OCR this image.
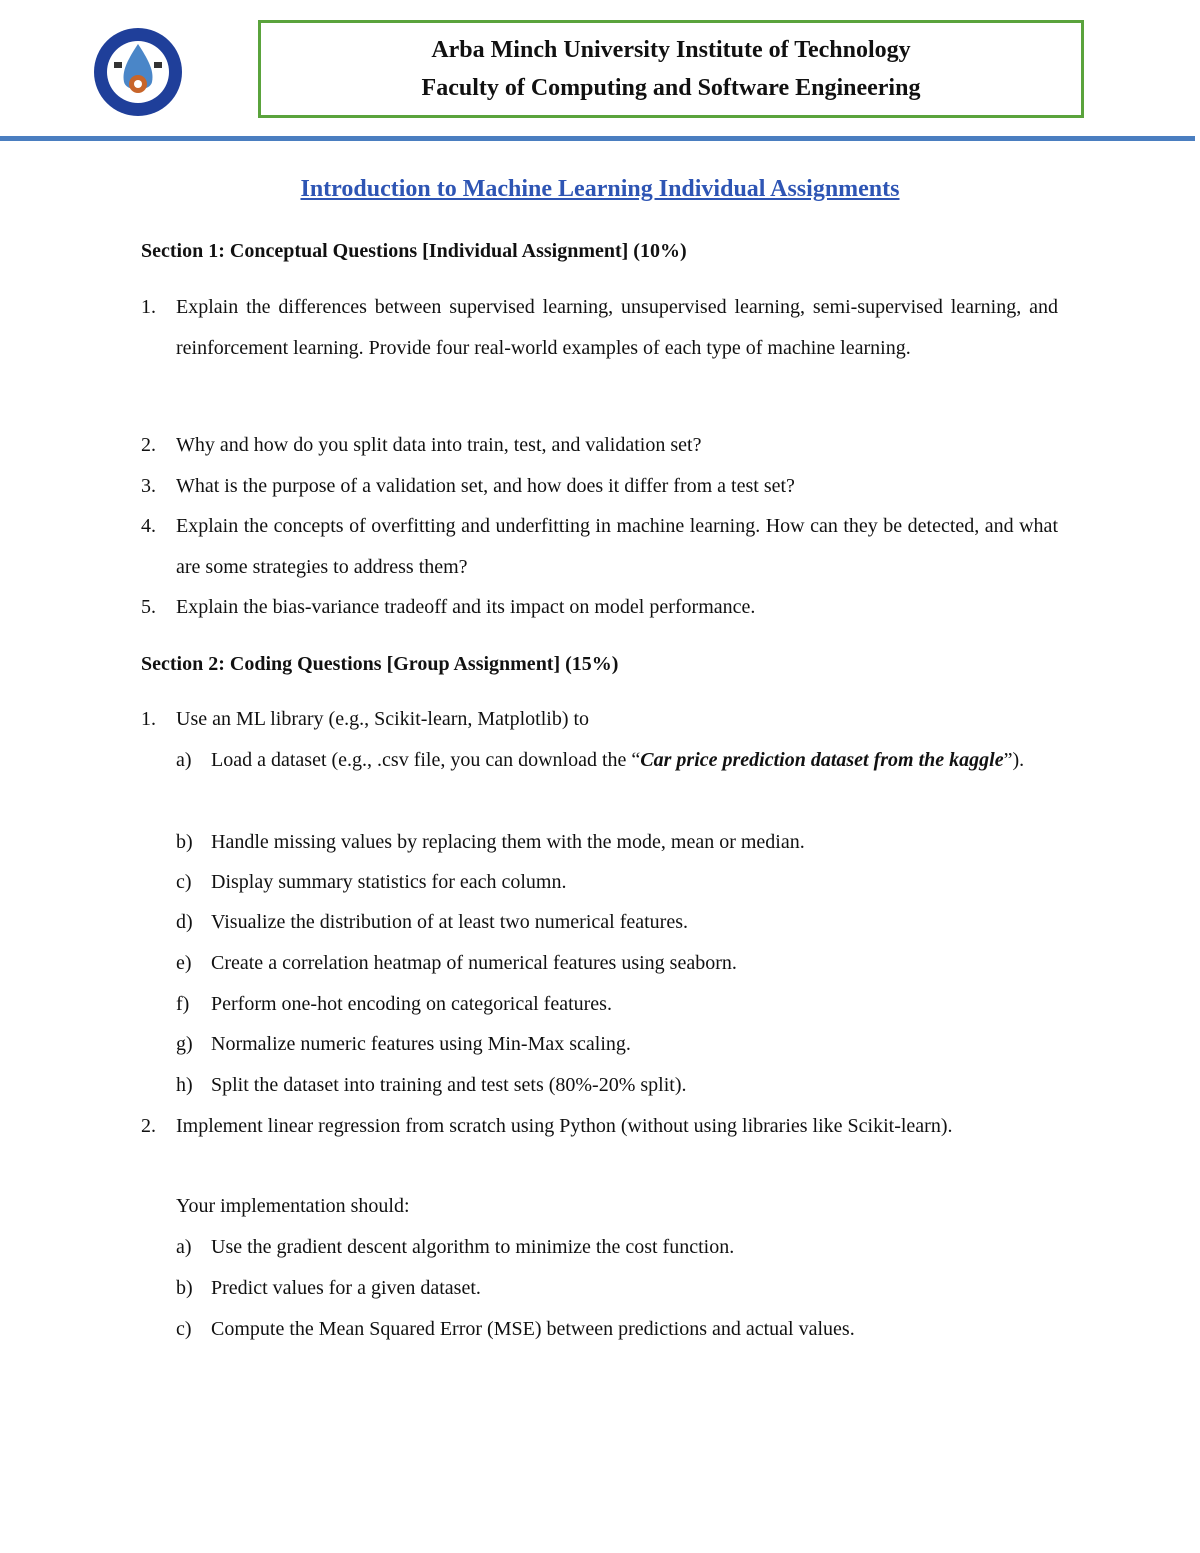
Arba Minch University Institute of Technology
Faculty of Computing and Software Engineering
Introduction to Machine Learning Individual Assignments
Section 1: Conceptual Questions [Individual Assignment] (10%)
1. Explain the differences between supervised learning, unsupervised learning, semi-supervised learning, and reinforcement learning. Provide four real-world examples of each type of machine learning.
2. Why and how do you split data into train, test, and validation set?
3. What is the purpose of a validation set, and how does it differ from a test set?
4. Explain the concepts of overfitting and underfitting in machine learning. How can they be detected, and what are some strategies to address them?
5. Explain the bias-variance tradeoff and its impact on model performance.
Section 2: Coding Questions [Group Assignment] (15%)
1. Use an ML library (e.g., Scikit-learn, Matplotlib) to
a) Load a dataset (e.g., .csv file, you can download the “Car price prediction dataset from the kaggle”).
b) Handle missing values by replacing them with the mode, mean or median.
c) Display summary statistics for each column.
d) Visualize the distribution of at least two numerical features.
e) Create a correlation heatmap of numerical features using seaborn.
f) Perform one-hot encoding on categorical features.
g) Normalize numeric features using Min-Max scaling.
h) Split the dataset into training and test sets (80%-20% split).
2. Implement linear regression from scratch using Python (without using libraries like Scikit-learn).
Your implementation should:
a) Use the gradient descent algorithm to minimize the cost function.
b) Predict values for a given dataset.
c) Compute the Mean Squared Error (MSE) between predictions and actual values.
